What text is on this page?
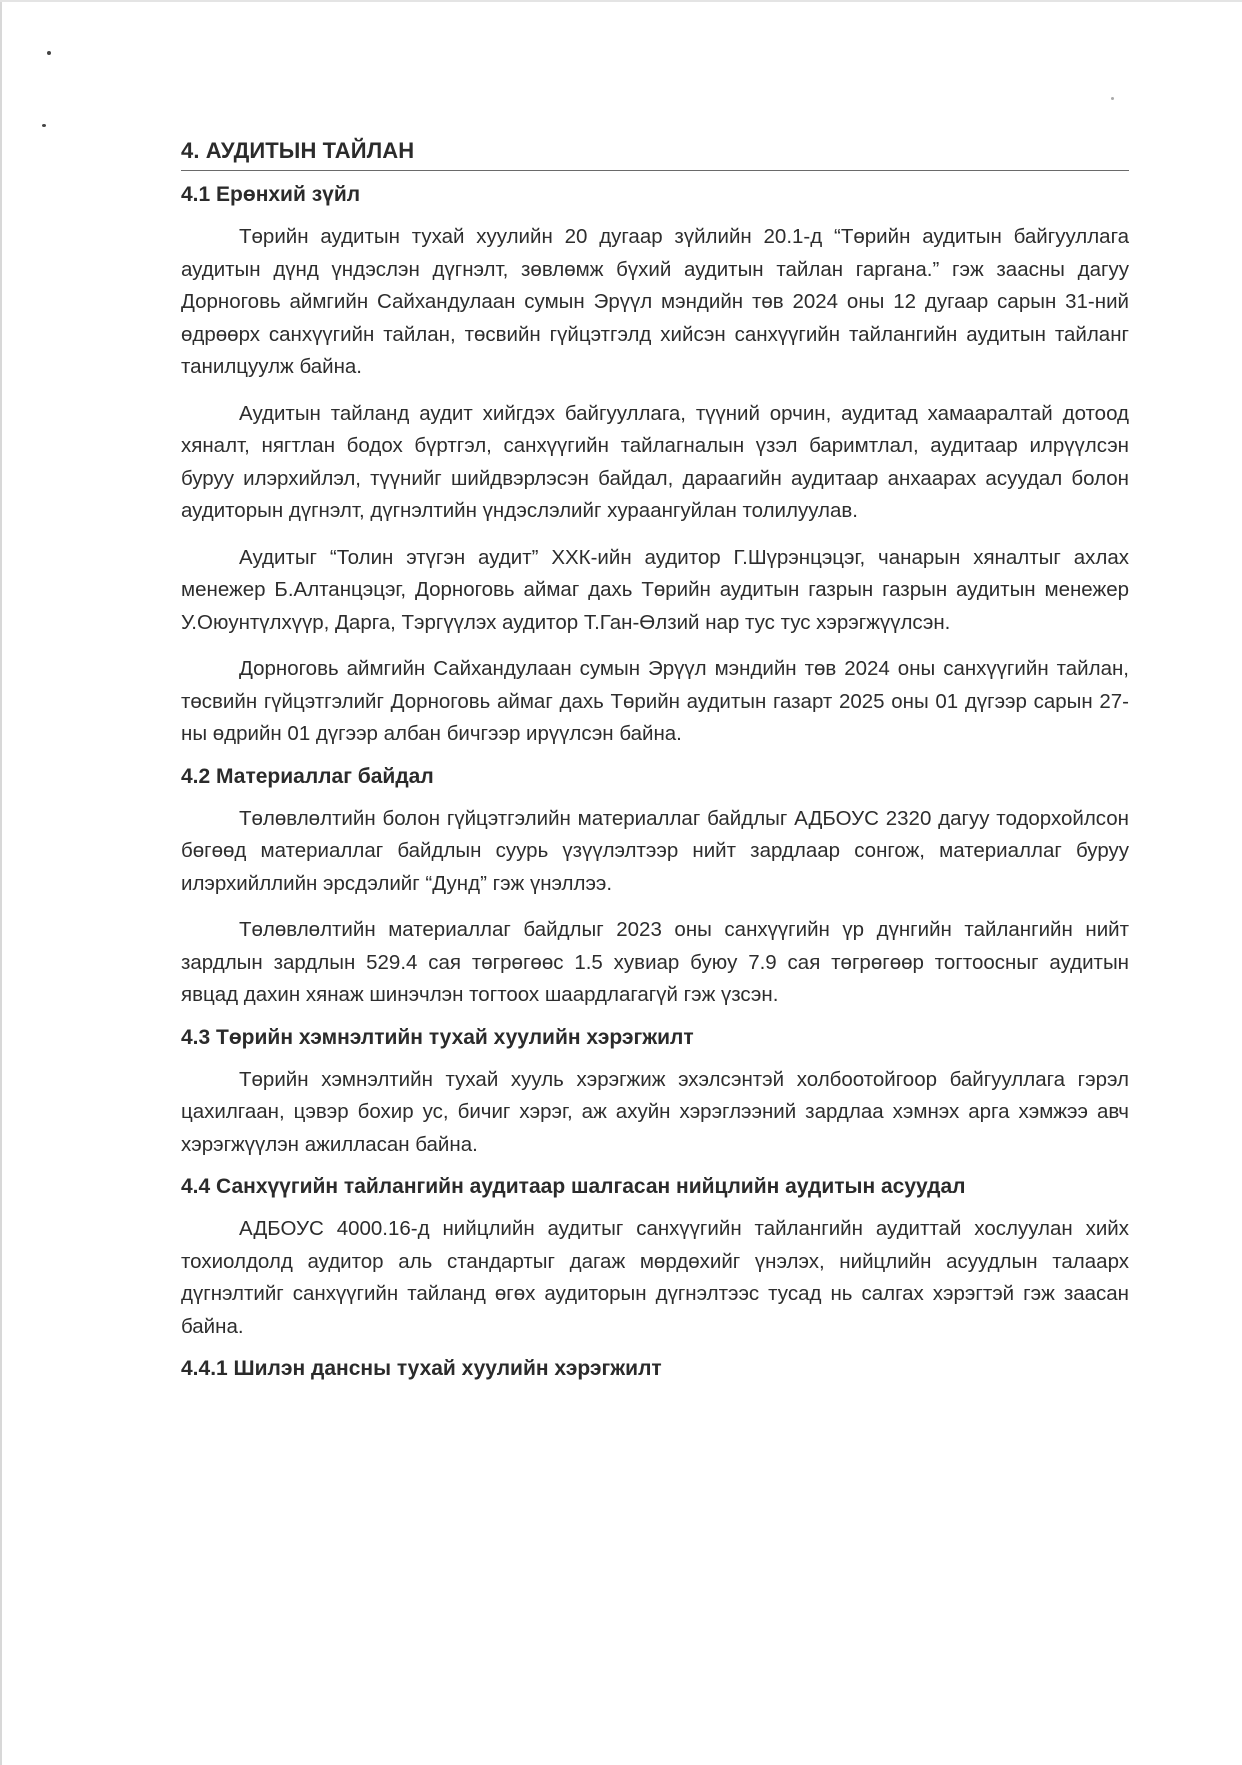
4. АУДИТЫН ТАЙЛАН
4.1 Ерөнхий зүйл

Төрийн аудитын тухай хуулийн 20 дугаар зүйлийн 20.1-д “Төрийн аудитын байгууллага аудитын дүнд үндэслэн дүгнэлт, зөвлөмж бүхий аудитын тайлан гаргана.” гэж заасны дагуу Дорноговь аймгийн Сайхандулаан сумын Эрүүл мэндийн төв 2024 оны 12 дугаар сарын 31-ний өдрөөрх санхүүгийн тайлан, төсвийн гүйцэтгэлд хийсэн санхүүгийн тайлангийн аудитын тайланг танилцуулж байна.

Аудитын тайланд аудит хийгдэх байгууллага, түүний орчин, аудитад хамааралтай дотоод хяналт, нягтлан бодох бүртгэл, санхүүгийн тайлагналын үзэл баримтлал, аудитаар илрүүлсэн буруу илэрхийлэл, түүнийг шийдвэрлэсэн байдал, дараагийн аудитаар анхаарах асуудал болон аудиторын дүгнэлт, дүгнэлтийн үндэслэлийг хураангуйлан толилуулав.

Аудитыг “Толин этүгэн аудит” ХХК-ийн аудитор Г.Шүрэнцэцэг, чанарын хяналтыг ахлах менежер Б.Алтанцэцэг, Дорноговь аймаг дахь Төрийн аудитын газрын газрын аудитын менежер У.Оюунтүлхүүр, Дарга, Тэргүүлэх аудитор Т.Ган-Өлзий нар тус тус хэрэгжүүлсэн.

Дорноговь аймгийн Сайхандулаан сумын Эрүүл мэндийн төв 2024 оны санхүүгийн тайлан, төсвийн гүйцэтгэлийг Дорноговь аймаг дахь Төрийн аудитын газарт 2025 оны 01 дүгээр сарын 27-ны өдрийн 01 дүгээр албан бичгээр ирүүлсэн байна.

4.2 Материаллаг байдал

Төлөвлөлтийн болон гүйцэтгэлийн материаллаг байдлыг АДБОУС 2320 дагуу тодорхойлсон бөгөөд материаллаг байдлын суурь үзүүлэлтээр нийт зардлаар сонгож, материаллаг буруу илэрхийллийн эрсдэлийг “Дунд” гэж үнэллээ.

Төлөвлөлтийн материаллаг байдлыг 2023 оны санхүүгийн үр дүнгийн тайлангийн нийт зардлын зардлын 529.4 сая төгрөгөөс 1.5 хувиар буюу 7.9 сая төгрөгөөр тогтоосныг аудитын явцад дахин хянаж шинэчлэн тогтоох шаардлагагүй гэж үзсэн.

4.3 Төрийн хэмнэлтийн тухай хуулийн хэрэгжилт

Төрийн хэмнэлтийн тухай хууль хэрэгжиж эхэлсэнтэй холбоотойгоор байгууллага гэрэл цахилгаан, цэвэр бохир ус, бичиг хэрэг, аж ахуйн хэрэглээний зардлаа хэмнэх арга хэмжээ авч хэрэгжүүлэн ажилласан байна.

4.4 Санхүүгийн тайлангийн аудитаар шалгасан нийцлийн аудитын асуудал

АДБОУС 4000.16-д нийцлийн аудитыг санхүүгийн тайлангийн аудиттай хослуулан хийх тохиолдолд аудитор аль стандартыг дагаж мөрдөхийг үнэлэх, нийцлийн асуудлын талаарх дүгнэлтийг санхүүгийн тайланд өгөх аудиторын дүгнэлтээс тусад нь салгах хэрэгтэй гэж заасан байна.

4.4.1 Шилэн дансны тухай хуулийн хэрэгжилт
